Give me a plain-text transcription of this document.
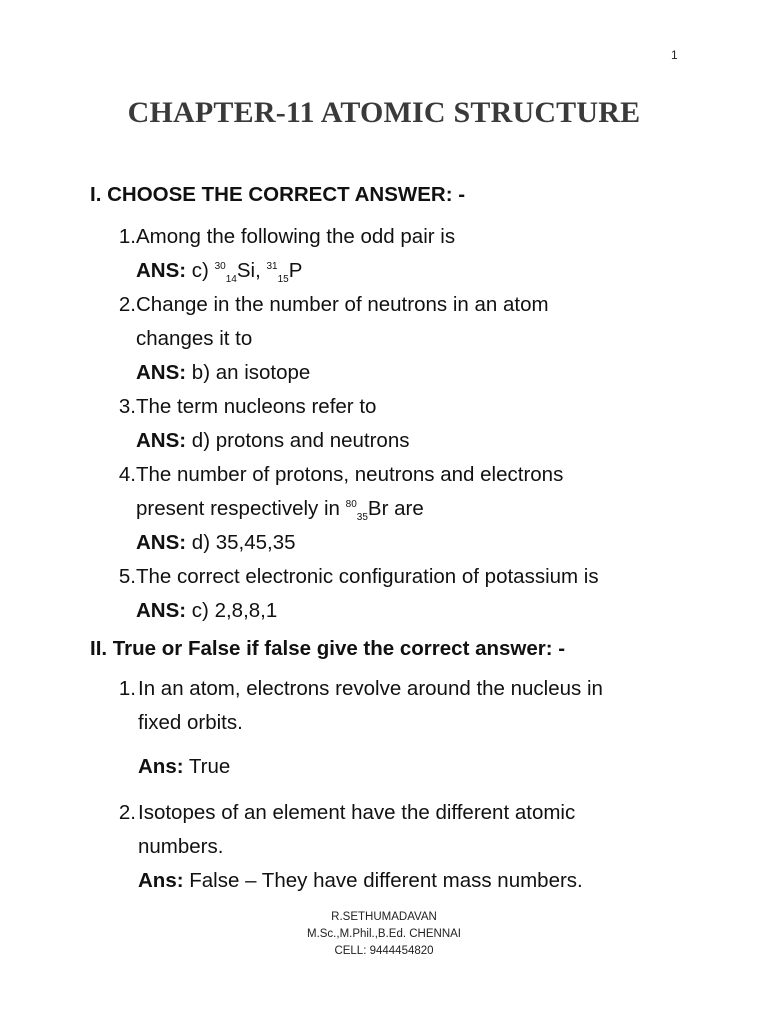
1
CHAPTER-11 ATOMIC STRUCTURE
I. CHOOSE THE CORRECT ANSWER: -
1. Among the following the odd pair is
ANS: c) $^{30}_{14}$Si, $^{31}_{15}$P
2. Change in the number of neutrons in an atom
changes it to
ANS: b) an isotope
3. The term nucleons refer to
ANS: d) protons and neutrons
4. The number of protons, neutrons and electrons
present respectively in $^{80}_{35}$Br are
ANS: d) 35,45,35
5. The correct electronic configuration of potassium is
ANS: c) 2,8,8,1
II. True or False if false give the correct answer: -
1. In an atom, electrons revolve around the nucleus in
fixed orbits.
Ans: True
2. Isotopes of an element have the different atomic
numbers.
Ans: False – They have different mass numbers.
R.SETHUMADAVAN
M.Sc.,M.Phil.,B.Ed. CHENNAI
CELL: 9444454820
